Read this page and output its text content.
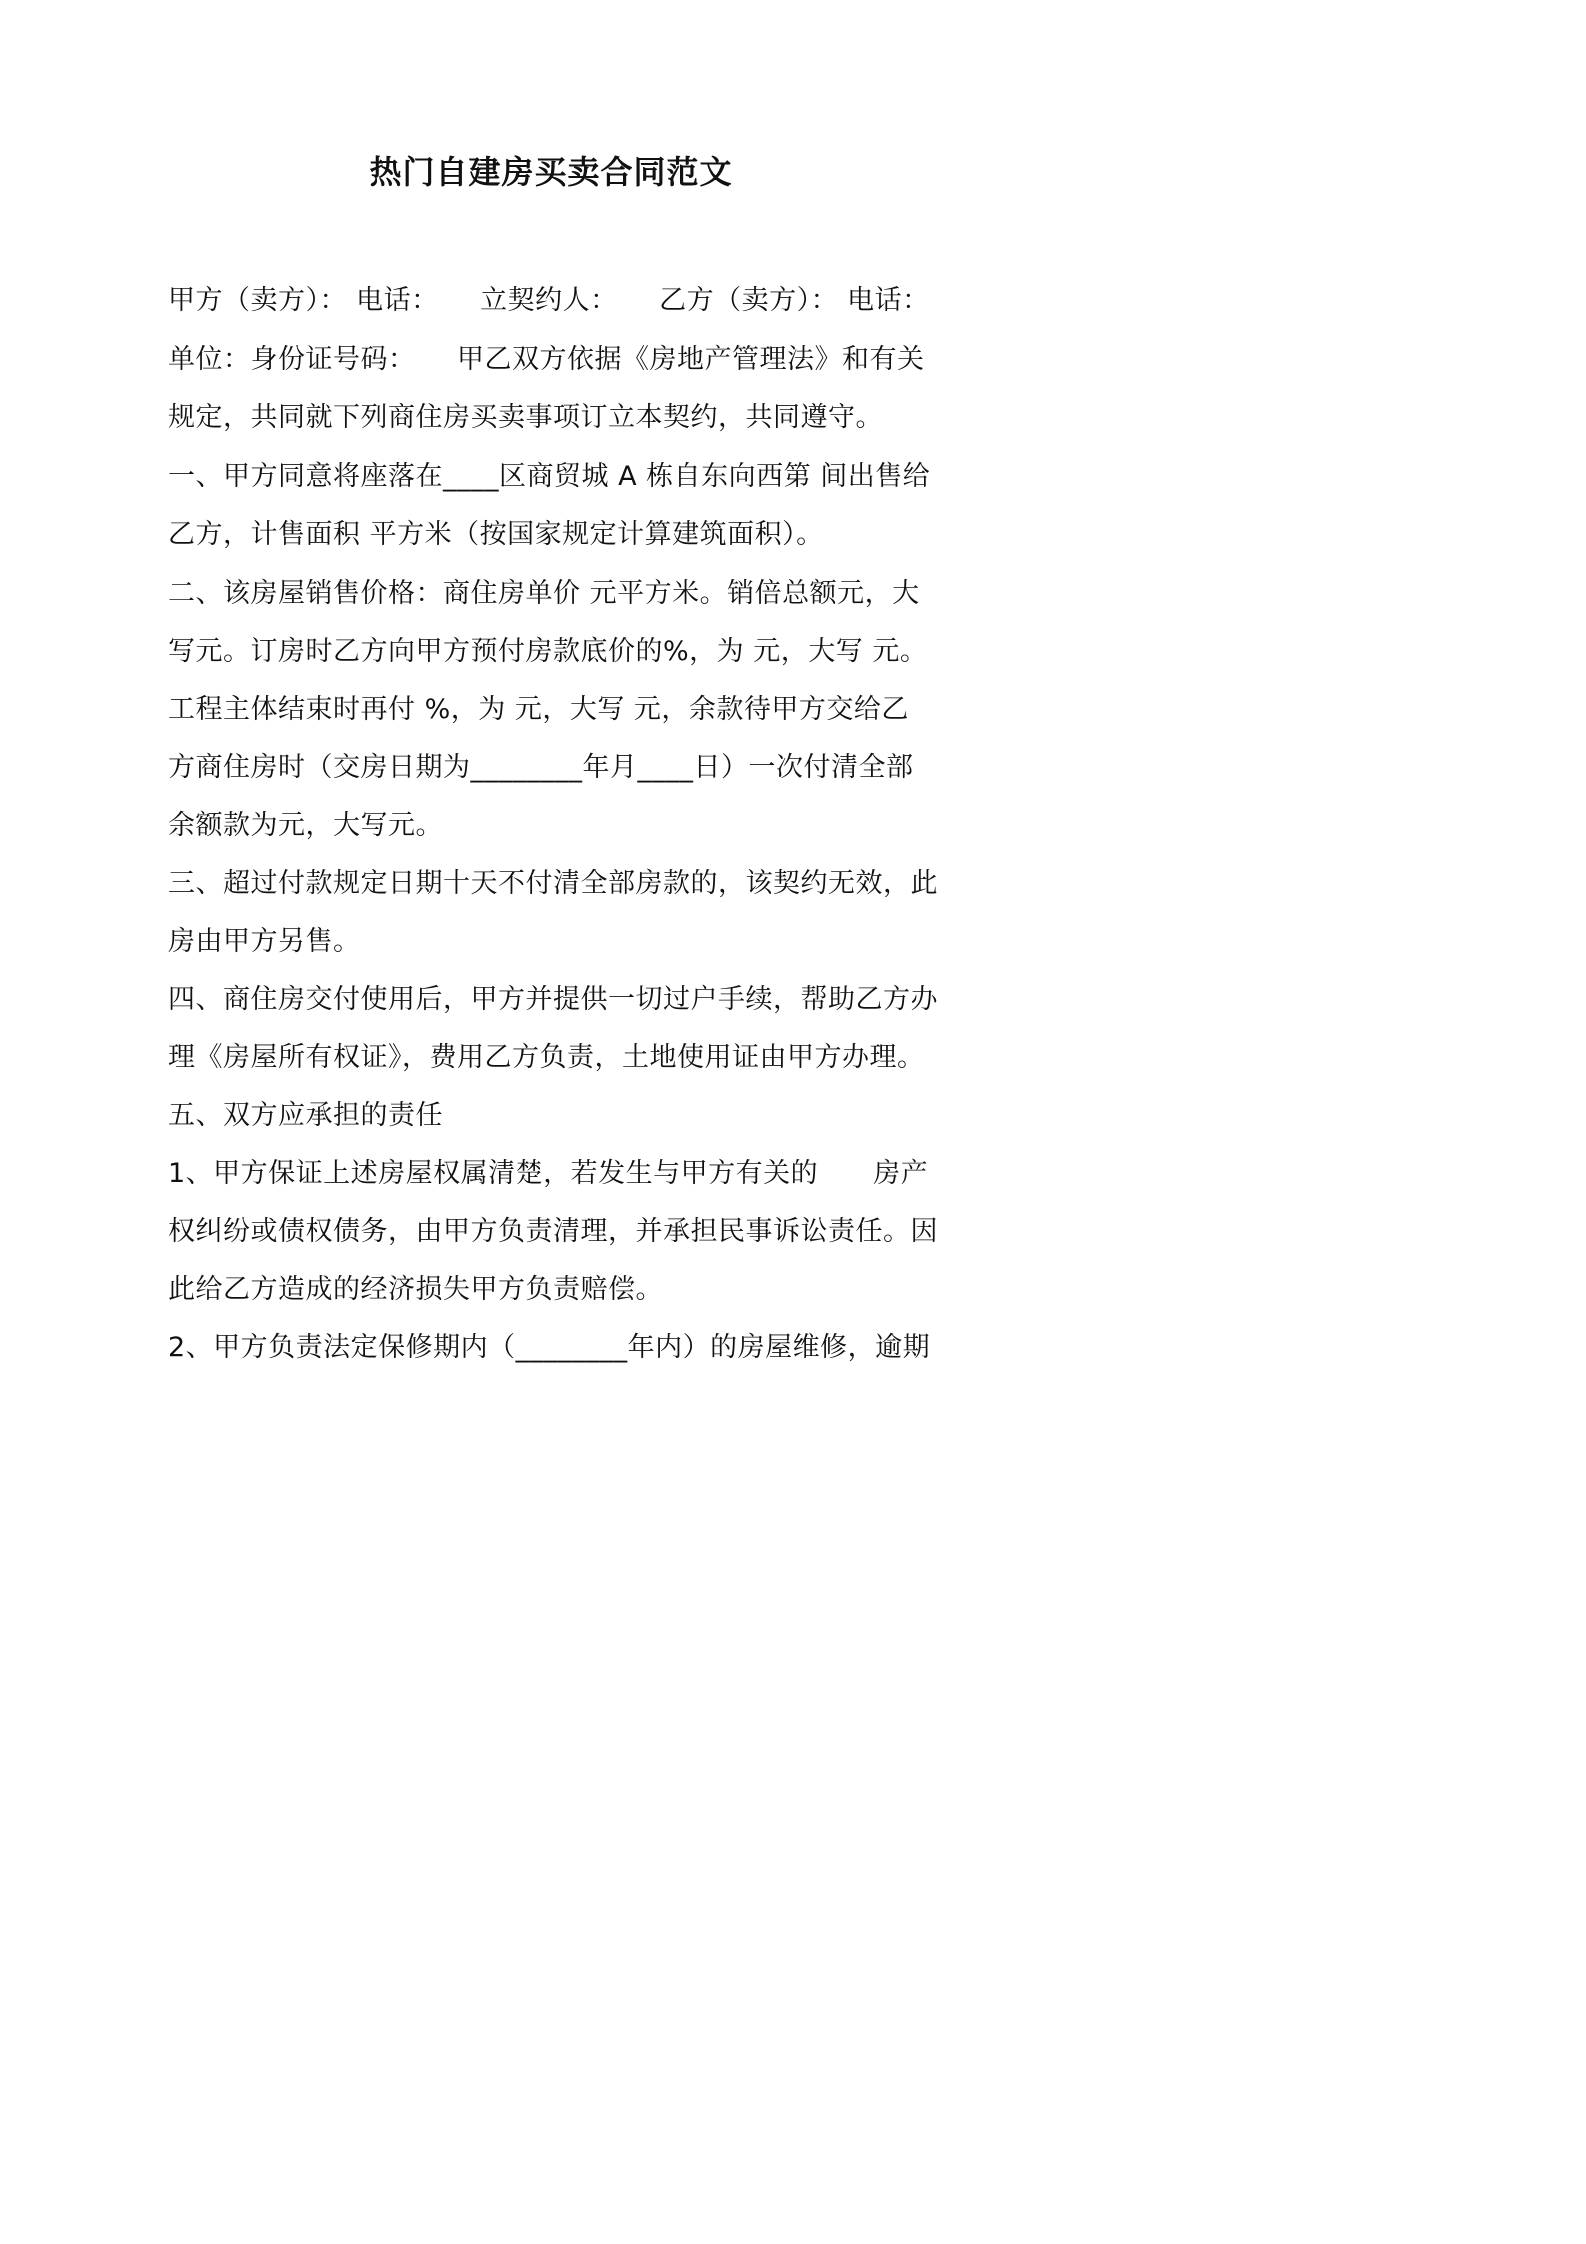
热门自建房买卖合同范文
甲方（卖方）： 电话：　　立契约人：　　乙方（卖方）： 电话：
单位：身份证号码：　　甲乙双方依据《房地产管理法》和有关
规定，共同就下列商住房买卖事项订立本契约，共同遵守。
一、甲方同意将座落在____区商贸城 A 栋自东向西第 间出售给
乙方，计售面积 平方米（按国家规定计算建筑面积）。
二、该房屋销售价格：商住房单价 元平方米。销倍总额元，大
写元。订房时乙方向甲方预付房款底价的%，为 元，大写 元。
工程主体结束时再付 %，为 元，大写 元，余款待甲方交给乙
方商住房时（交房日期为________年月____日）一次付清全部
余额款为元，大写元。
三、超过付款规定日期十天不付清全部房款的，该契约无效，此
房由甲方另售。
四、商住房交付使用后，甲方并提供一切过户手续，帮助乙方办
理《房屋所有权证》，费用乙方负责，土地使用证由甲方办理。
五、双方应承担的责任
1、甲方保证上述房屋权属清楚，若发生与甲方有关的　　房产
权纠纷或债权债务，由甲方负责清理，并承担民事诉讼责任。因
此给乙方造成的经济损失甲方负责赔偿。
2、甲方负责法定保修期内（________年内）的房屋维修，逾期
